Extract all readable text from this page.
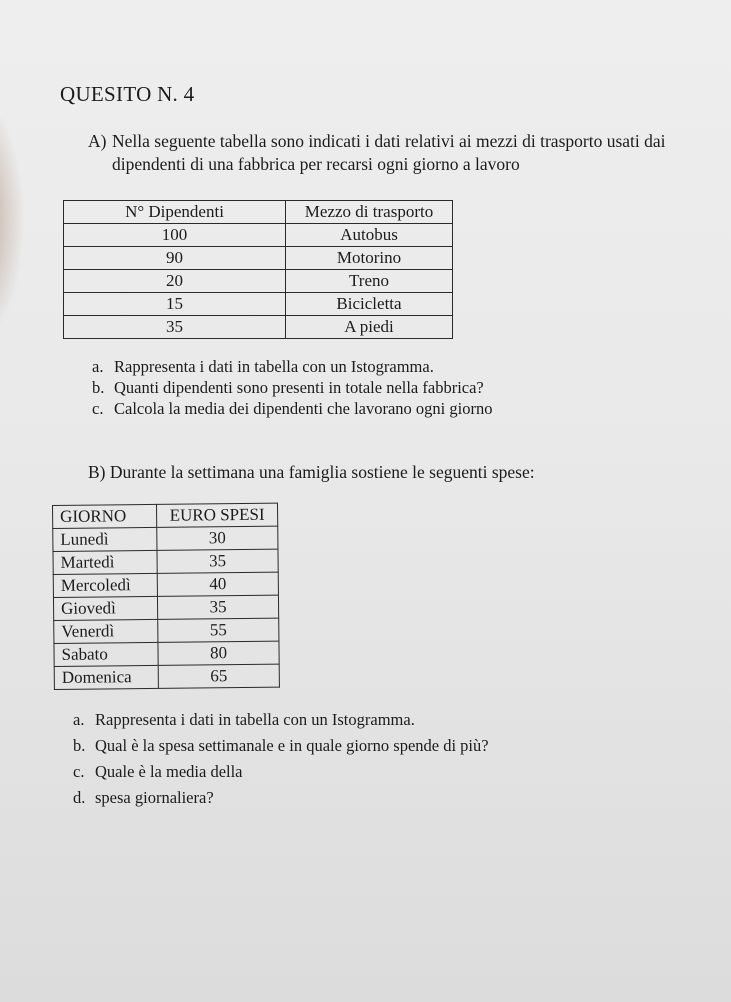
QUESITO N. 4
A) Nella seguente tabella sono indicati i dati relativi ai mezzi di trasporto usati dai
dipendenti di una fabbrica per recarsi ogni giorno a lavoro
N° Dipendenti	Mezzo di trasporto
100	Autobus
90	Motorino
20	Treno
15	Bicicletta
35	A piedi
a. Rappresenta i dati in tabella con un Istogramma.
b. Quanti dipendenti sono presenti in totale nella fabbrica?
c. Calcola la media dei dipendenti che lavorano ogni giorno
B) Durante la settimana una famiglia sostiene le seguenti spese:
GIORNO	EURO SPESI
Lunedì	30
Martedì	35
Mercoledì	40
Giovedì	35
Venerdì	55
Sabato	80
Domenica	65
a. Rappresenta i dati in tabella con un Istogramma.
b. Qual è la spesa settimanale e in quale giorno spende di più?
c. Quale è la media della
d. spesa giornaliera?
